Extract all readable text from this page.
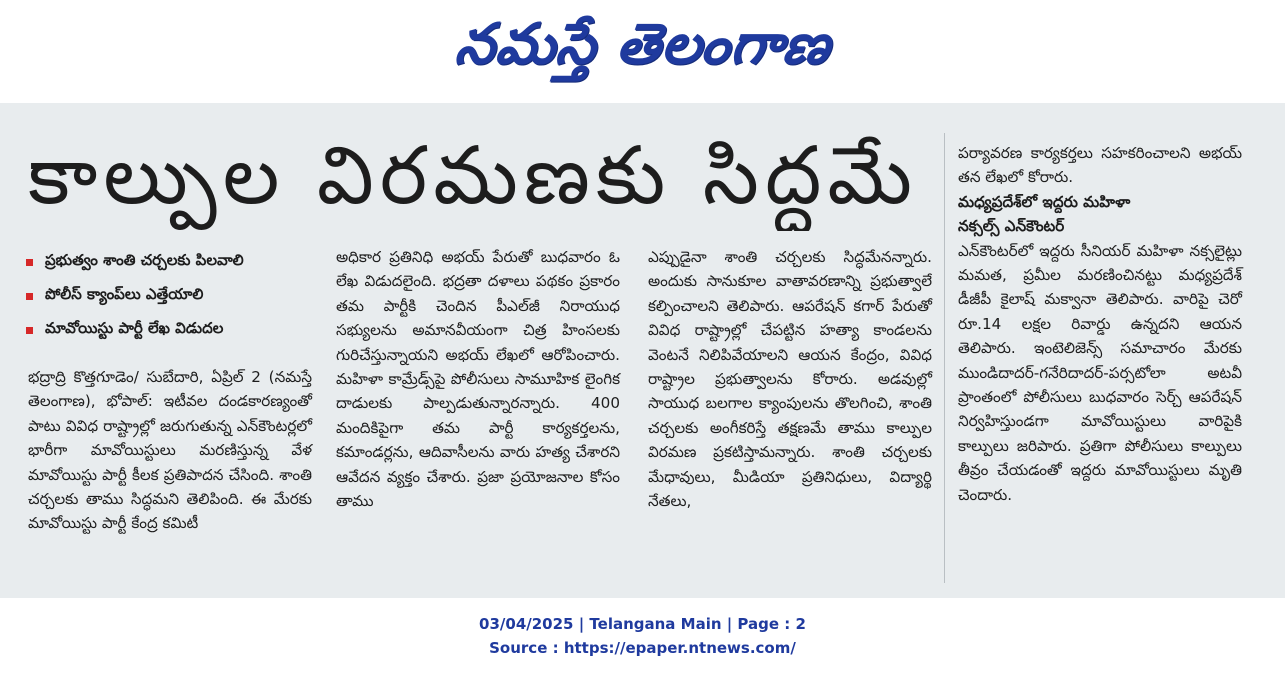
నమస్తే తెలంగాణ
కాల్పుల విరమణకు సిద్ధమే
ప్రభుత్వం శాంతి చర్చలకు పిలవాలి
పోలీస్ క్యాంప్‌లు ఎత్తేయాలి
మావోయిస్టు పార్టీ లేఖ విడుదల

భద్రాద్రి కొత్తగూడెం/ సుబేదారి, ఏప్రిల్ 2 (నమస్తే తెలంగాణ), భోపాల్: ఇటీవల దండకారణ్యంతో పాటు వివిధ రాష్ట్రాల్లో జరుగుతున్న ఎన్‌కౌంటర్లలో భారీగా మావోయిస్టులు మరణిస్తున్న వేళ మావోయిస్టు పార్టీ కీలక ప్రతిపాదన చేసింది. శాంతి చర్చలకు తాము సిద్ధమని తెలిపింది. ఈ మేరకు మావోయిస్టు పార్టీ కేంద్ర కమిటీ

అధికార ప్రతినిధి అభయ్ పేరుతో బుధవారం ఓ లేఖ విడుదలైంది. భద్రతా దళాలు పథకం ప్రకారం తమ పార్టీకి చెందిన పీఎల్‌జీ నిరాయుధ సభ్యులను అమానవీయంగా చిత్ర హింసలకు గురిచేస్తున్నాయని అభయ్ లేఖలో ఆరోపించారు. మహిళా కామ్రేడ్స్‌పై పోలీసులు సామూహిక లైంగిక దాడులకు పాల్పడుతున్నారన్నారు. 400 మందికిపైగా తమ పార్టీ కార్యకర్తలను, కమాండర్లను, ఆదివాసీలను వారు హత్య చేశారని ఆవేదన వ్యక్తం చేశారు. ప్రజా ప్రయోజనాల కోసం తాము

ఎప్పుడైనా శాంతి చర్చలకు సిద్ధమేనన్నారు. అందుకు సానుకూల వాతావరణాన్ని ప్రభుత్వాలే కల్పించాలని తెలిపారు. ఆపరేషన్ కగార్ పేరుతో వివిధ రాష్ట్రాల్లో చేపట్టిన హత్యా కాండలను వెంటనే నిలిపివేయాలని ఆయన కేంద్రం, వివిధ రాష్ట్రాల ప్రభుత్వాలను కోరారు. అడవుల్లో సాయుధ బలగాల క్యాంపులను తొలగించి, శాంతి చర్చలకు అంగీకరిస్తే తక్షణమే తాము కాల్పుల విరమణ ప్రకటిస్తామన్నారు. శాంతి చర్చలకు మేధావులు, మీడియా ప్రతినిధులు, విద్యార్థి నేతలు,

పర్యావరణ కార్యకర్తలు సహకరించాలని అభయ్ తన లేఖలో కోరారు.

మధ్యప్రదేశ్‌లో ఇద్దరు మహిళా
నక్సల్స్ ఎన్‌కౌంటర్

ఎన్‌కౌంటర్‌లో ఇద్దరు సీనియర్ మహిళా నక్సలైట్లు మమత, ప్రమీల మరణించినట్టు మధ్యప్రదేశ్ డీజీపీ కైలాష్ మక్వానా తెలిపారు. వారిపై చెరో రూ.14 లక్షల రివార్డు ఉన్నదని ఆయన తెలిపారు. ఇంటెలిజెన్స్ సమాచారం మేరకు ముండిదాదర్-గనేరిదాదర్-పర్సటోలా అటవీ ప్రాంతంలో పోలీసులు బుధవారం సెర్చ్ ఆపరేషన్ నిర్వహిస్తుండగా మావోయిస్టులు వారిపైకి కాల్పులు జరిపారు. ప్రతిగా పోలీసులు కాల్పులు తీవ్రం చేయడంతో ఇద్దరు మావోయిస్టులు మృతి చెందారు.

03/04/2025 | Telangana Main | Page : 2
Source : https://epaper.ntnews.com/
